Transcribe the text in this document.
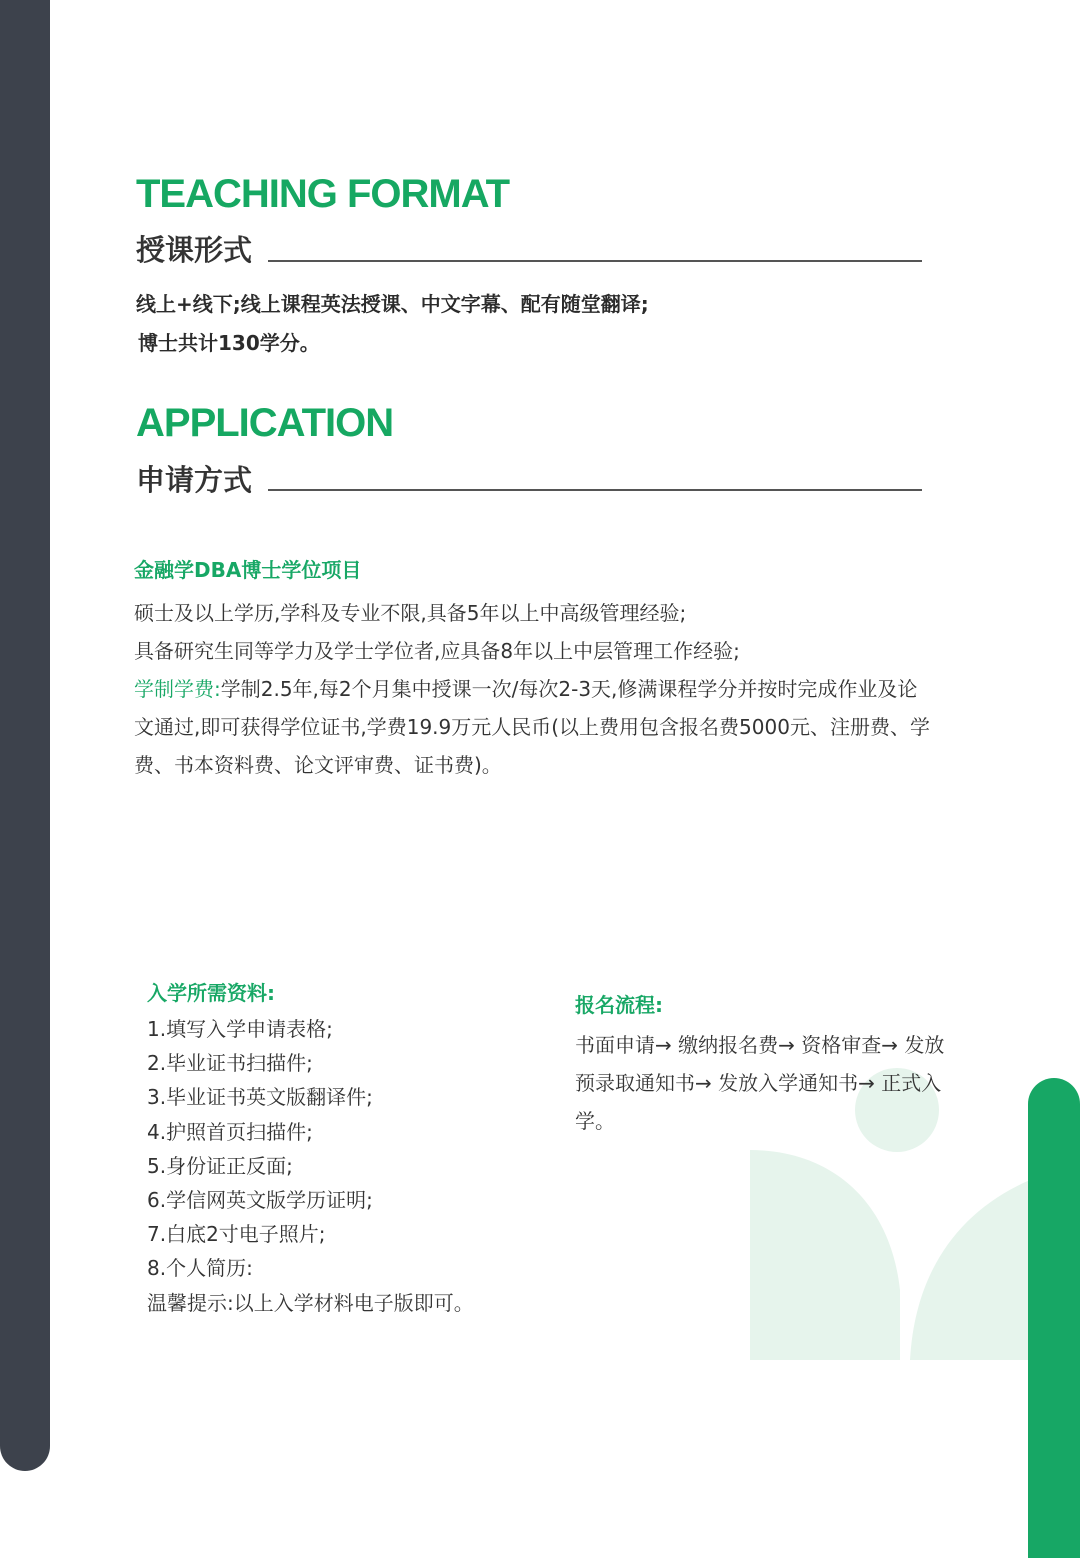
TEACHING FORMAT
授课形式

线上+线下;线上课程英法授课、中文字幕、配有随堂翻译;

博士共计130学分。

APPLICATION
申请方式

金融学DBA博士学位项目

硕士及以上学历,学科及专业不限,具备5年以上中高级管理经验;

具备研究生同等学力及学士学位者,应具备8年以上中层管理工作经验;

学制学费:学制2.5年,每2个月集中授课一次/每次2-3天,修满课程学分并按时完成作业及论文通过,即可获得学位证书,学费19.9万元人民币(以上费用包含报名费5000元、注册费、学费、书本资料费、论文评审费、证书费)。

入学所需资料:

1.填写入学申请表格;
2.毕业证书扫描件;
3.毕业证书英文版翻译件;
4.护照首页扫描件;
5.身份证正反面;
6.学信网英文版学历证明;
7.白底2寸电子照片;
8.个人简历:
温馨提示:以上入学材料电子版即可。

报名流程:

书面申请→ 缴纳报名费→ 资格审查→ 发放预录取通知书→ 发放入学通知书→ 正式入学。
